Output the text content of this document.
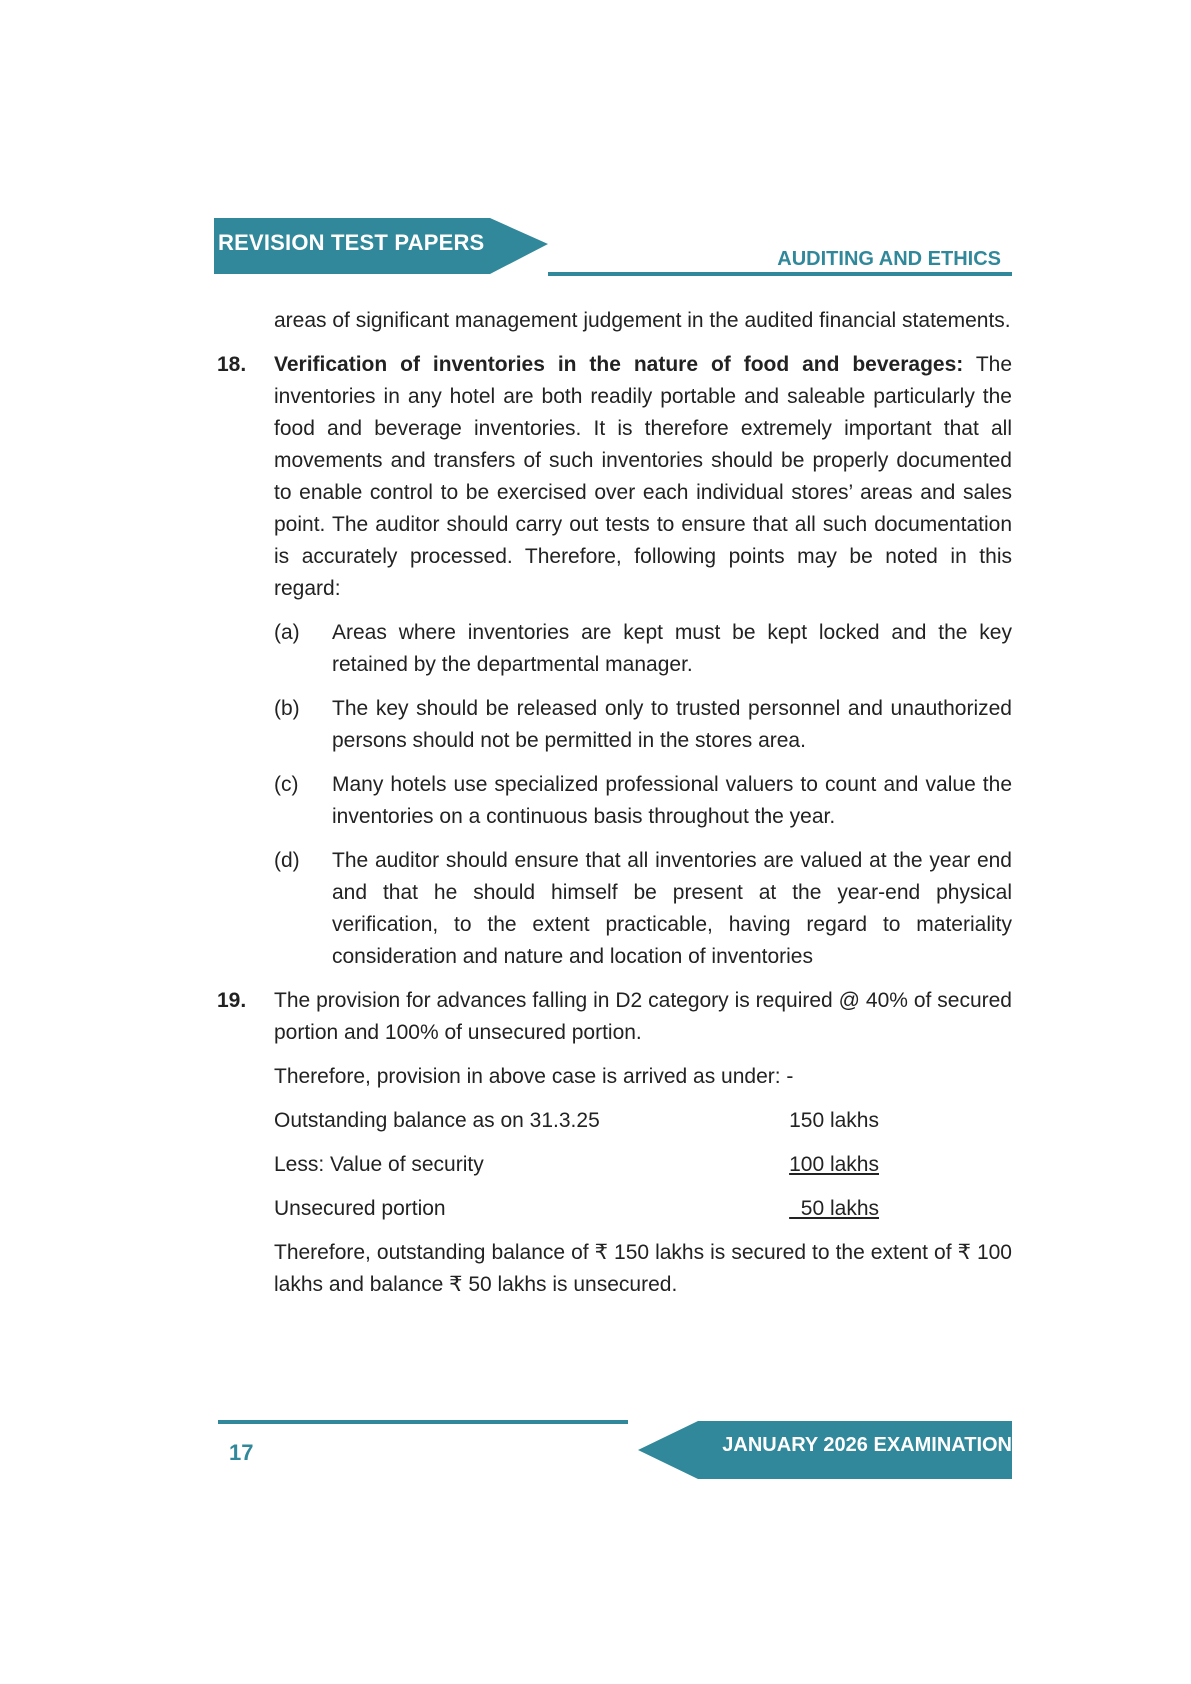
REVISION TEST PAPERS
AUDITING AND ETHICS

areas of significant management judgement in the audited financial statements.

18.	Verification of inventories in the nature of food and beverages: The inventories in any hotel are both readily portable and saleable particularly the food and beverage inventories. It is therefore extremely important that all movements and transfers of such inventories should be properly documented to enable control to be exercised over each individual stores’ areas and sales point. The auditor should carry out tests to ensure that all such documentation is accurately processed. Therefore, following points may be noted in this regard:
(a)	Areas where inventories are kept must be kept locked and the key retained by the departmental manager.
(b)	The key should be released only to trusted personnel and unauthorized persons should not be permitted in the stores area.
(c)	Many hotels use specialized professional valuers to count and value the inventories on a continuous basis throughout the year.
(d)	The auditor should ensure that all inventories are valued at the year end and that he should himself be present at the year-end physical verification, to the extent practicable, having regard to materiality consideration and nature and location of inventories
19.	The provision for advances falling in D2 category is required @ 40% of secured portion and 100% of unsecured portion.

Therefore, provision in above case is arrived as under: -

Outstanding balance as on 31.3.25	150 lakhs
Less: Value of security	100 lakhs
Unsecured portion	50 lakhs

Therefore, outstanding balance of ₹ 150 lakhs is secured to the extent of ₹ 100 lakhs and balance ₹ 50 lakhs is unsecured.

JANUARY 2026 EXAMINATION
17
